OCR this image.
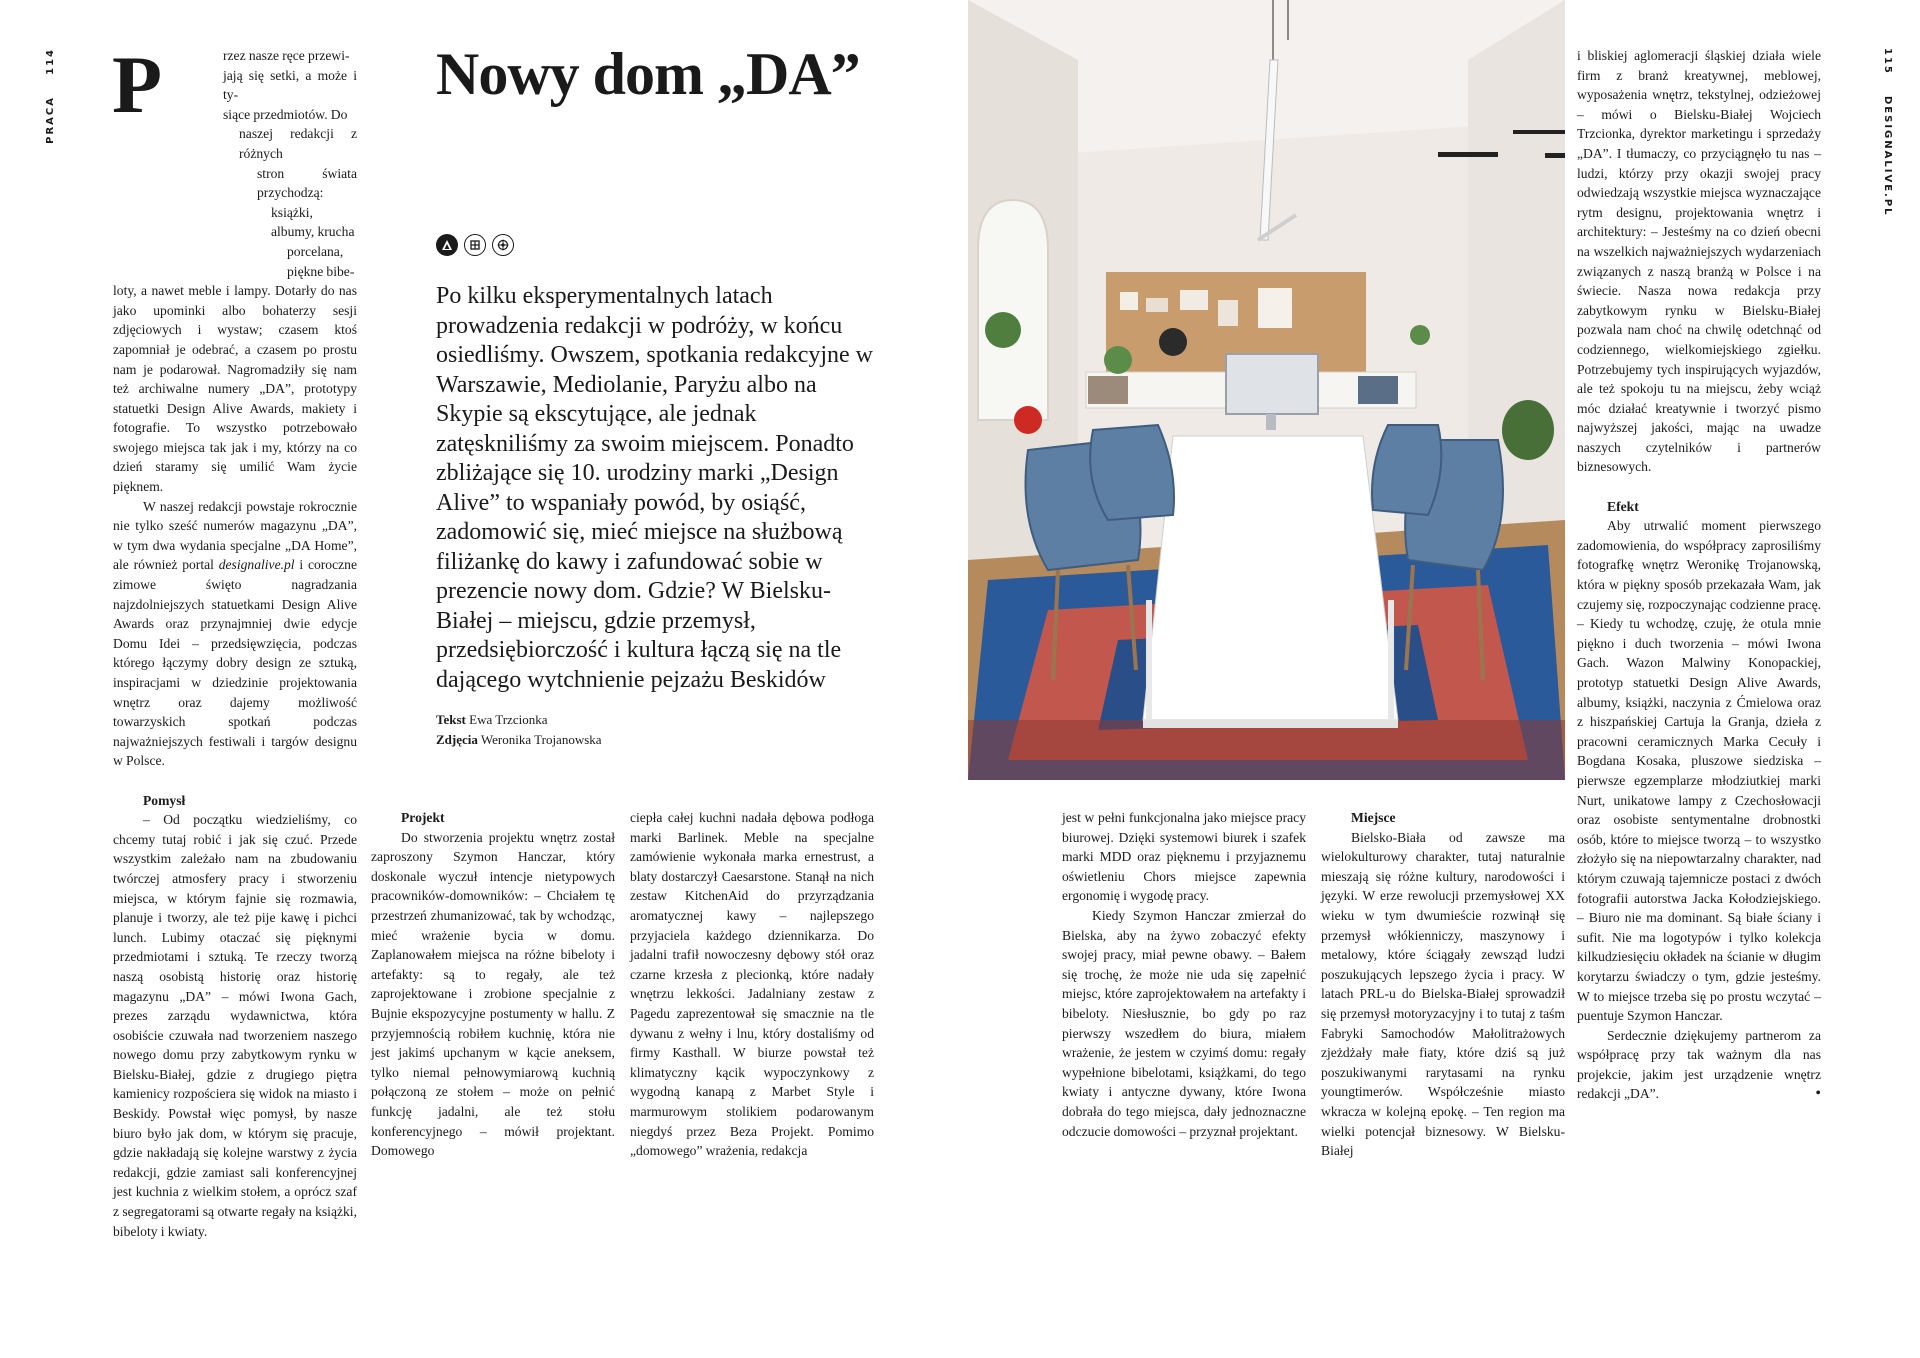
114
PRACA
115
DESIGNALIVE.PL
P	rzez nasze ręce przewi-
jają się setki, a może i ty-
siące przedmiotów. Do
naszej redakcji z różnych
stron świata przychodzą:
książki, albumy, krucha
porcelana, piękne bibe-

loty, a nawet meble i lampy. Dotarły do nas jako upominki albo bohaterzy sesji zdjęciowych i wystaw; czasem ktoś zapomniał je odebrać, a czasem po prostu nam je podarował. Nagromadziły się nam też archiwalne numery „DA”, prototypy statuetki Design Alive Awards, makiety i fotografie. To wszystko potrzebowało swojego miejsca tak jak i my, którzy na co dzień staramy się umilić Wam życie pięknem.

W naszej redakcji powstaje rokrocznie nie tylko sześć numerów magazynu „DA”, w tym dwa wydania specjalne „DA Home”, ale również portal designalive.pl i coroczne zimowe święto nagradzania najzdolniejszych statuetkami Design Alive Awards oraz przynajmniej dwie edycje Domu Idei – przedsięwzięcia, podczas którego łączymy dobry design ze sztuką, inspiracjami w dziedzinie projektowania wnętrz oraz dajemy możliwość towarzyskich spotkań podczas najważniejszych festiwali i targów designu w Polsce.

Pomysł

– Od początku wiedzieliśmy, co chcemy tutaj robić i jak się czuć. Przede wszystkim zależało nam na zbudowaniu twórczej atmosfery pracy i stworzeniu miejsca, w którym fajnie się rozmawia, planuje i tworzy, ale też pije kawę i pichci lunch. Lubimy otaczać się pięknymi przedmiotami i sztuką. Te rzeczy tworzą naszą osobistą historię oraz historię magazynu „DA” – mówi Iwona Gach, prezes zarządu wydawnictwa, która osobiście czuwała nad tworzeniem naszego nowego domu przy zabytkowym rynku w Bielsku-Białej, gdzie z drugiego piętra kamienicy rozpościera się widok na miasto i Beskidy. Powstał więc pomysł, by nasze biuro było jak dom, w którym się pracuje, gdzie nakładają się kolejne warstwy z życia redakcji, gdzie zamiast sali konferencyjnej jest kuchnia z wielkim stołem, a oprócz szaf z segregatorami są otwarte regały na książki, bibeloty i kwiaty.

Nowy dom „DA”
Po kilku eksperymentalnych latach prowadzenia redakcji w podróży, w końcu osiedliśmy. Owszem, spotkania redakcyjne w Warszawie, Mediolanie, Paryżu albo na Skypie są ekscytujące, ale jednak zatęskniliśmy za swoim miejscem. Ponadto zbliżające się 10. urodziny marki „Design Alive” to wspaniały powód, by osiąść, zadomowić się, mieć miejsce na służbową filiżankę do kawy i zafundować sobie w prezencie nowy dom. Gdzie? W Bielsku-Białej – miejscu, gdzie przemysł, przedsiębiorczość i kultura łączą się na tle dającego wytchnienie pejzażu Beskidów
Tekst Ewa Trzcionka
Zdjęcia Weronika Trojanowska

Projekt

Do stworzenia projektu wnętrz został zaproszony Szymon Hanczar, który doskonale wyczuł intencje nietypowych pracowników-domowników: – Chciałem tę przestrzeń zhumanizować, tak by wchodząc, mieć wrażenie bycia w domu. Zaplanowałem miejsca na różne bibeloty i artefakty: są to regały, ale też zaprojektowane i zrobione specjalnie z Bujnie ekspozycyjne postumenty w hallu. Z przyjemnością robiłem kuchnię, która nie jest jakimś upchanym w kącie aneksem, tylko niemal pełnowymiarową kuchnią połączoną ze stołem – może on pełnić funkcję jadalni, ale też stołu konferencyjnego – mówił projektant. Domowego

ciepła całej kuchni nadała dębowa podłoga marki Barlinek. Meble na specjalne zamówienie wykonała marka ernestrust, a blaty dostarczył Caesarstone. Stanął na nich zestaw KitchenAid do przyrządzania aromatycznej kawy – najlepszego przyjaciela każdego dziennikarza. Do jadalni trafił nowoczesny dębowy stół oraz czarne krzesła z plecionką, które nadały wnętrzu lekkości. Jadalniany zestaw z Pagedu zaprezentował się smacznie na tle dywanu z wełny i lnu, który dostaliśmy od firmy Kasthall. W biurze powstał też klimatyczny kącik wypoczynkowy z wygodną kanapą z Marbet Style i marmurowym stolikiem podarowanym niegdyś przez Beza Projekt. Pomimo „domowego” wrażenia, redakcja

jest w pełni funkcjonalna jako miejsce pracy biurowej. Dzięki systemowi biurek i szafek marki MDD oraz pięknemu i przyjaznemu oświetleniu Chors miejsce zapewnia ergonomię i wygodę pracy.

Kiedy Szymon Hanczar zmierzał do Bielska, aby na żywo zobaczyć efekty swojej pracy, miał pewne obawy. – Bałem się trochę, że może nie uda się zapełnić miejsc, które zaprojektowałem na artefakty i bibeloty. Niesłusznie, bo gdy po raz pierwszy wszedłem do biura, miałem wrażenie, że jestem w czyimś domu: regały wypełnione bibelotami, książkami, do tego kwiaty i antyczne dywany, które Iwona dobrała do tego miejsca, dały jednoznaczne odczucie domowości – przyznał projektant.

Miejsce

Bielsko-Biała od zawsze ma wielokulturowy charakter, tutaj naturalnie mieszają się różne kultury, narodowości i języki. W erze rewolucji przemysłowej XX wieku w tym dwumieście rozwinął się przemysł włókienniczy, maszynowy i metalowy, które ściągały zewsząd ludzi poszukujących lepszego życia i pracy. W latach PRL-u do Bielska-Białej sprowadził się przemysł motoryzacyjny i to tutaj z taśm Fabryki Samochodów Małolitrażowych zjeżdżały małe fiaty, które dziś są już poszukiwanymi rarytasami na rynku youngtimerów. Współcześnie miasto wkracza w kolejną epokę. – Ten region ma wielki potencjał biznesowy. W Bielsku-Białej

i bliskiej aglomeracji śląskiej działa wiele firm z branż kreatywnej, meblowej, wyposażenia wnętrz, tekstylnej, odzieżowej – mówi o Bielsku-Białej Wojciech Trzcionka, dyrektor marketingu i sprzedaży „DA”. I tłumaczy, co przyciągnęło tu nas – ludzi, którzy przy okazji swojej pracy odwiedzają wszystkie miejsca wyznaczające rytm designu, projektowania wnętrz i architektury: – Jesteśmy na co dzień obecni na wszelkich najważniejszych wydarzeniach związanych z naszą branżą w Polsce i na świecie. Nasza nowa redakcja przy zabytkowym rynku w Bielsku-Białej pozwala nam choć na chwilę odetchnąć od codziennego, wielkomiejskiego zgiełku. Potrzebujemy tych inspirujących wyjazdów, ale też spokoju tu na miejscu, żeby wciąż móc działać kreatywnie i tworzyć pismo najwyższej jakości, mając na uwadze naszych czytelników i partnerów biznesowych.

Efekt

Aby utrwalić moment pierwszego zadomowienia, do współpracy zaprosiliśmy fotografkę wnętrz Weronikę Trojanowską, która w piękny sposób przekazała Wam, jak czujemy się, rozpoczynając codzienne pracę. – Kiedy tu wchodzę, czuję, że otula mnie piękno i duch tworzenia – mówi Iwona Gach. Wazon Malwiny Konopackiej, prototyp statuetki Design Alive Awards, albumy, książki, naczynia z Ćmielowa oraz z hiszpańskiej Cartuja la Granja, dzieła z pracowni ceramicznych Marka Cecuły i Bogdana Kosaka, pluszowe siedziska – pierwsze egzemplarze młodziutkiej marki Nurt, unikatowe lampy z Czechosłowacji oraz osobiste sentymentalne drobnostki osób, które to miejsce tworzą – to wszystko złożyło się na niepowtarzalny charakter, nad którym czuwają tajemnicze postaci z dwóch fotografii autorstwa Jacka Kołodziejskiego. – Biuro nie ma dominant. Są białe ściany i sufit. Nie ma logotypów i tylko kolekcja kilkudziesięciu okładek na ścianie w długim korytarzu świadczy o tym, gdzie jesteśmy. W to miejsce trzeba się po prostu wczytać – puentuje Szymon Hanczar.

Serdecznie dziękujemy partnerom za współpracę przy tak ważnym dla nas projekcie, jakim jest urządzenie wnętrz redakcji „DA”.	•
